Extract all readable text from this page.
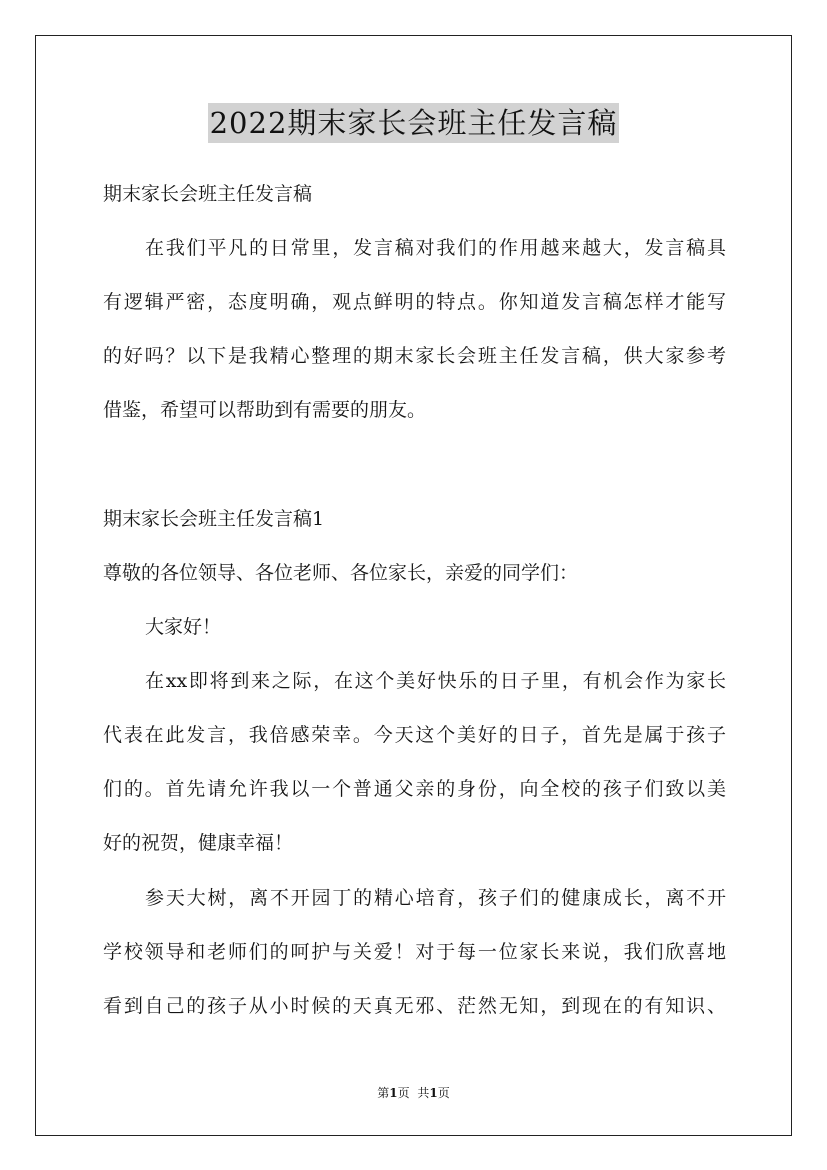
2022期末家长会班主任发言稿
期末家长会班主任发言稿
在我们平凡的日常里，发言稿对我们的作用越来越大，发言稿具
有逻辑严密，态度明确，观点鲜明的特点。你知道发言稿怎样才能写
的好吗？以下是我精心整理的期末家长会班主任发言稿，供大家参考
借鉴，希望可以帮助到有需要的朋友。
期末家长会班主任发言稿1
尊敬的各位领导、各位老师、各位家长，亲爱的同学们：
大家好！
在xx即将到来之际，在这个美好快乐的日子里，有机会作为家长
代表在此发言，我倍感荣幸。今天这个美好的日子，首先是属于孩子
们的。首先请允许我以一个普通父亲的身份，向全校的孩子们致以美
好的祝贺，健康幸福！
参天大树，离不开园丁的精心培育，孩子们的健康成长，离不开
学校领导和老师们的呵护与关爱！对于每一位家长来说，我们欣喜地
看到自己的孩子从小时候的天真无邪、茫然无知，到现在的有知识、
第1页 共1页
